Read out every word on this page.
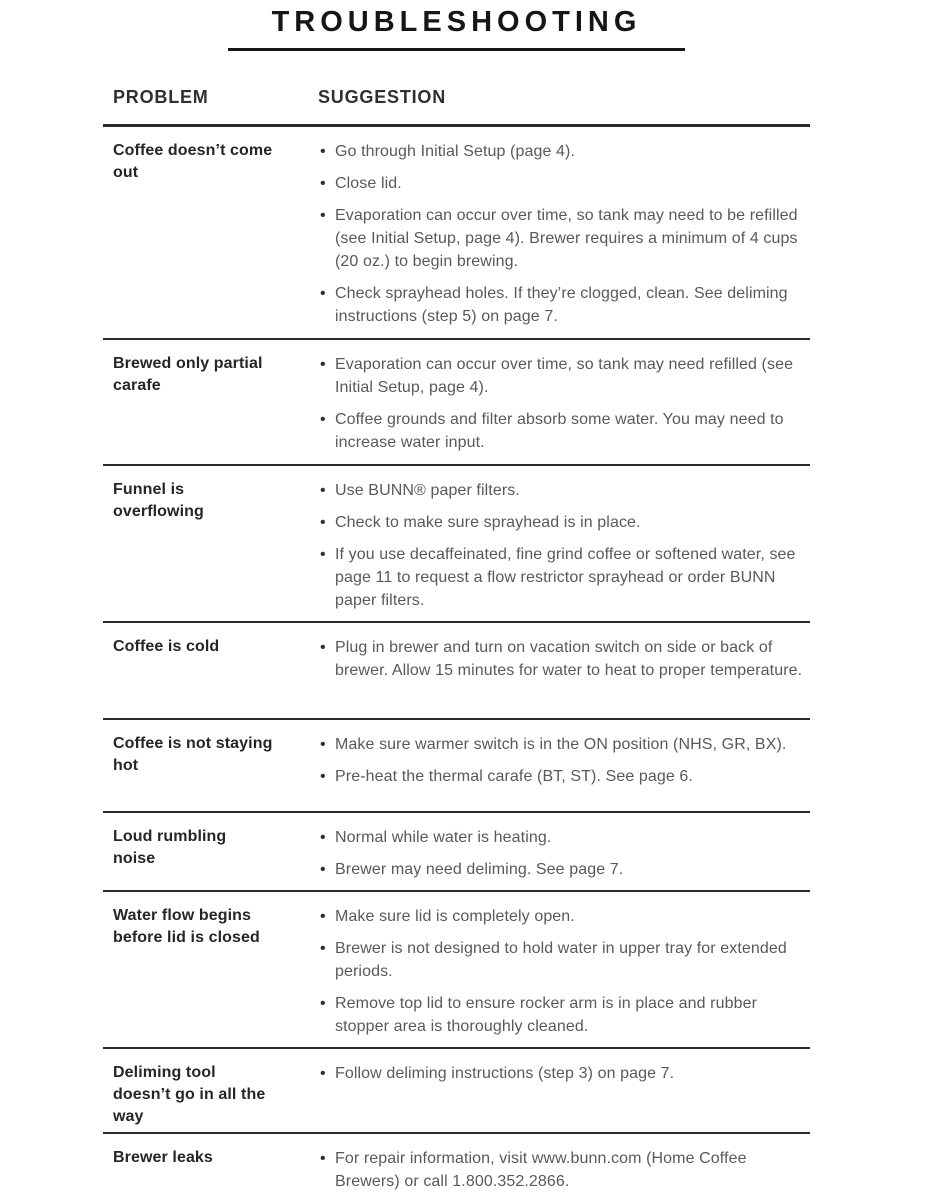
TROUBLESHOOTING
PROBLEM	SUGGESTION
Coffee doesn’t come out
• Go through Initial Setup (page 4).
• Close lid.
• Evaporation can occur over time, so tank may need to be refilled (see Initial Setup, page 4). Brewer requires a minimum of 4 cups (20 oz.) to begin brewing.
• Check sprayhead holes. If they’re clogged, clean. See deliming instructions (step 5) on page 7.
Brewed only partial carafe
• Evaporation can occur over time, so tank may need refilled (see Initial Setup, page 4).
• Coffee grounds and filter absorb some water. You may need to increase water input.
Funnel is overflowing
• Use BUNN® paper filters.
• Check to make sure sprayhead is in place.
• If you use decaffeinated, fine grind coffee or softened water, see page 11 to request a flow restrictor sprayhead or order BUNN paper filters.
Coffee is cold	• Plug in brewer and turn on vacation switch on side or back of brewer. Allow 15 minutes for water to heat to proper temperature.
Coffee is not staying hot
• Make sure warmer switch is in the ON position (NHS, GR, BX).
• Pre-heat the thermal carafe (BT, ST). See page 6.
Loud rumbling noise
• Normal while water is heating.
• Brewer may need deliming. See page 7.
Water flow begins before lid is closed
• Make sure lid is completely open.
• Brewer is not designed to hold water in upper tray for extended periods.
• Remove top lid to ensure rocker arm is in place and rubber stopper area is thoroughly cleaned.
Deliming tool doesn’t go in all the way
• Follow deliming instructions (step 3) on page 7.
Brewer leaks	• For repair information, visit www.bunn.com (Home Coffee Brewers) or call 1.800.352.2866.
